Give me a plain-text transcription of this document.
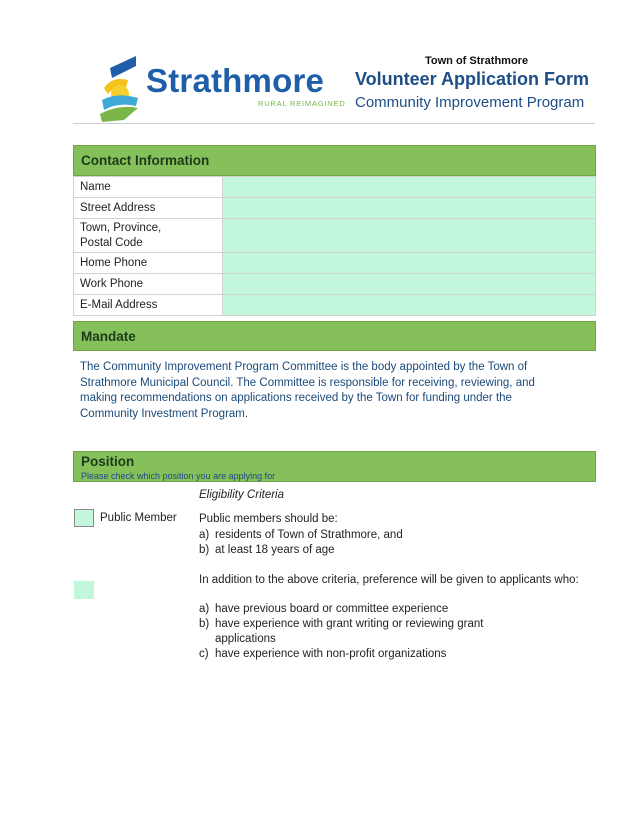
Strathmore
RURAL REIMAGINED
Town of Strathmore
Volunteer Application Form
Community Improvement Program
Contact Information
Name	

Street Address	

Town, Province,
Postal Code	

Home Phone	

Work Phone	

E-Mail Address	
Mandate
The Community Improvement Program Committee is the body appointed by the Town of Strathmore Municipal Council. The Committee is responsible for receiving, reviewing, and making recommendations on applications received by the Town for funding under the Community Investment Program.
Position
Please check which position you are applying for
Eligibility Criteria
Public Member Public members should be:
a) residents of Town of Strathmore, and
b) at least 18 years of age
In addition to the above criteria, preference will be given to applicants who:
a) have previous board or committee experience
b) have experience with grant writing or reviewing grant applications
c) have experience with non-profit organizations
